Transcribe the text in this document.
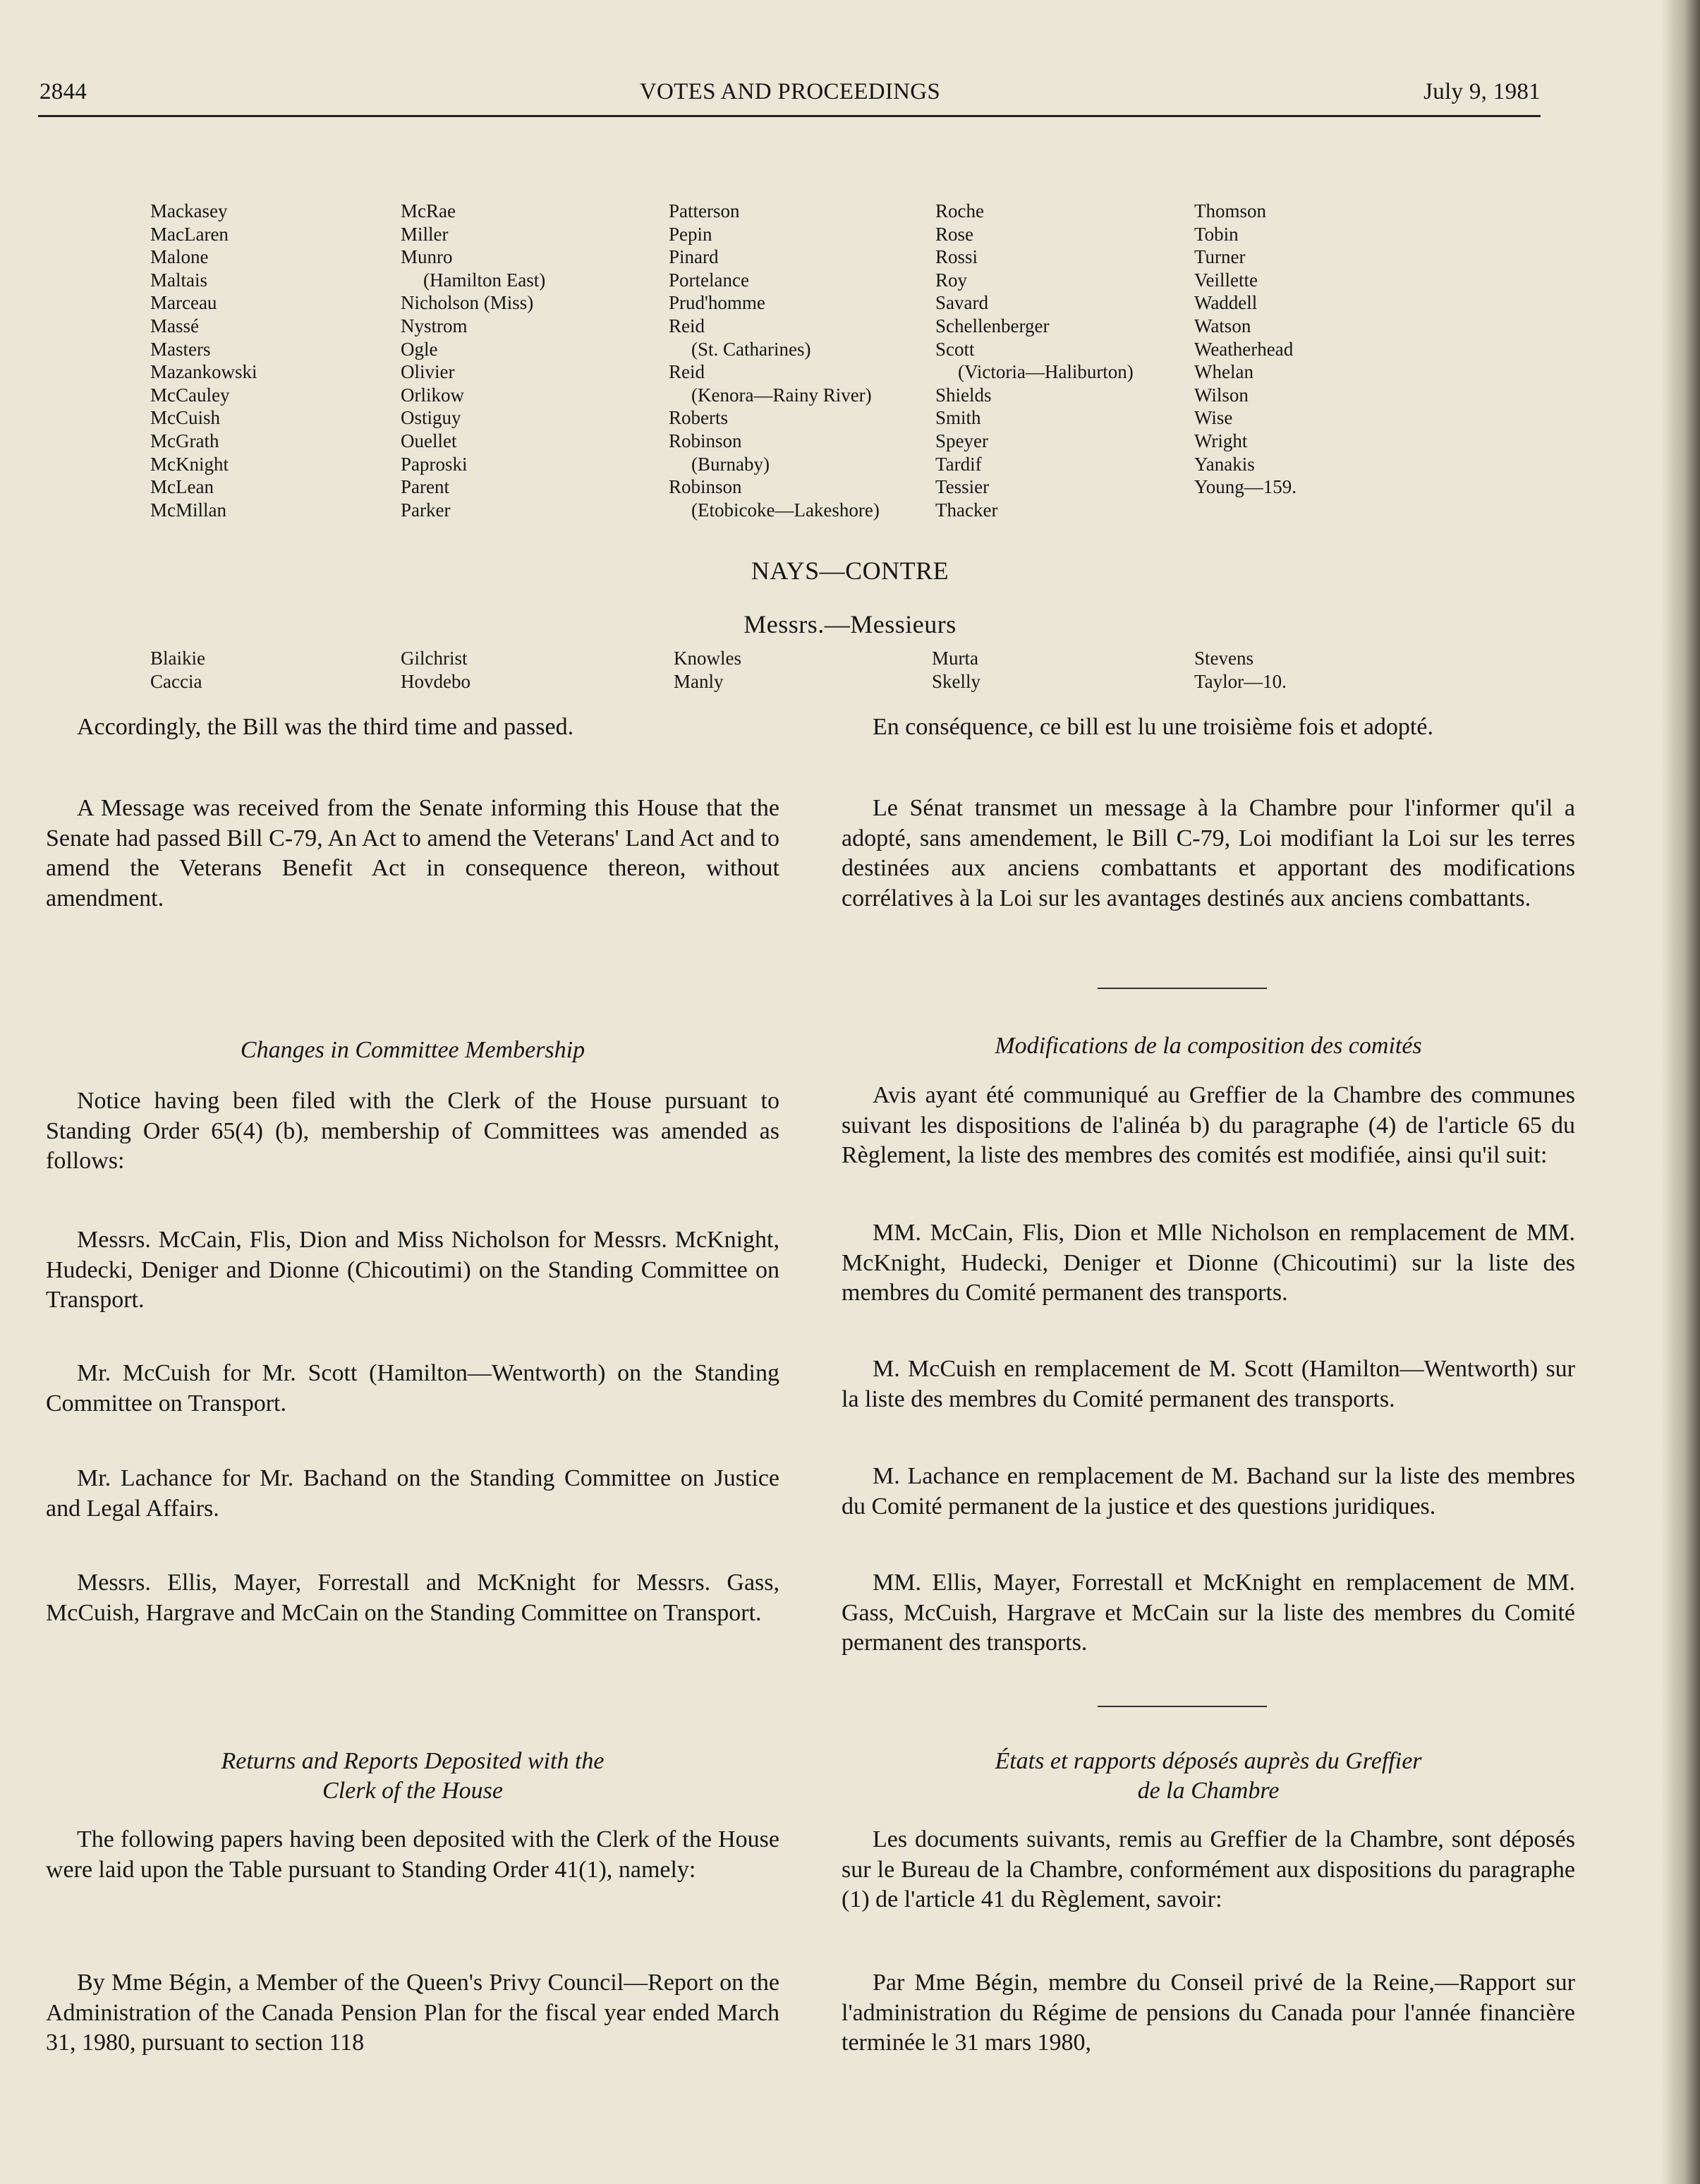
2844	VOTES AND PROCEEDINGS	July 9, 1981
Mackasey
MacLaren
Malone
Maltais
Marceau
Massé
Masters
Mazankowski
McCauley
McCuish
McGrath
McKnight
McLean
McMillan
McRae
Miller
Munro
(Hamilton East)
Nicholson (Miss)
Nystrom
Ogle
Olivier
Orlikow
Ostiguy
Ouellet
Paproski
Parent
Parker
Patterson
Pepin
Pinard
Portelance
Prud'homme
Reid
(St. Catharines)
Reid
(Kenora—Rainy River)
Roberts
Robinson
(Burnaby)
Robinson
(Etobicoke—Lakeshore)
Roche
Rose
Rossi
Roy
Savard
Schellenberger
Scott
(Victoria—Haliburton)
Shields
Smith
Speyer
Tardif
Tessier
Thacker
Thomson
Tobin
Turner
Veillette
Waddell
Watson
Weatherhead
Whelan
Wilson
Wise
Wright
Yanakis
Young—159.
NAYS—CONTRE
Messrs.—Messieurs
Blaikie
Caccia
Gilchrist
Hovdebo
Knowles
Manly
Murta
Skelly
Stevens
Taylor—10.

Accordingly, the Bill was the third time and passed.

A Message was received from the Senate informing this House that the Senate had passed Bill C-79, An Act to amend the Veterans' Land Act and to amend the Veterans Benefit Act in consequence thereon, without amendment.

Changes in Committee Membership

Notice having been filed with the Clerk of the House pursuant to Standing Order 65(4) (b), membership of Committees was amended as follows:

Messrs. McCain, Flis, Dion and Miss Nicholson for Messrs. McKnight, Hudecki, Deniger and Dionne (Chicoutimi) on the Standing Committee on Transport.

Mr. McCuish for Mr. Scott (Hamilton—Wentworth) on the Standing Committee on Transport.

Mr. Lachance for Mr. Bachand on the Standing Committee on Justice and Legal Affairs.

Messrs. Ellis, Mayer, Forrestall and McKnight for Messrs. Gass, McCuish, Hargrave and McCain on the Standing Committee on Transport.

Returns and Reports Deposited with the
Clerk of the House

The following papers having been deposited with the Clerk of the House were laid upon the Table pursuant to Standing Order 41(1), namely:

By Mme Bégin, a Member of the Queen's Privy Council—Report on the Administration of the Canada Pension Plan for the fiscal year ended March 31, 1980, pursuant to section 118

En conséquence, ce bill est lu une troisième fois et adopté.

Le Sénat transmet un message à la Chambre pour l'informer qu'il a adopté, sans amendement, le Bill C-79, Loi modifiant la Loi sur les terres destinées aux anciens combattants et apportant des modifications corrélatives à la Loi sur les avantages destinés aux anciens combattants.

Modifications de la composition des comités

Avis ayant été communiqué au Greffier de la Chambre des communes suivant les dispositions de l'alinéa b) du paragraphe (4) de l'article 65 du Règlement, la liste des membres des comités est modifiée, ainsi qu'il suit:

MM. McCain, Flis, Dion et Mlle Nicholson en remplacement de MM. McKnight, Hudecki, Deniger et Dionne (Chicoutimi) sur la liste des membres du Comité permanent des transports.

M. McCuish en remplacement de M. Scott (Hamilton—Wentworth) sur la liste des membres du Comité permanent des transports.

M. Lachance en remplacement de M. Bachand sur la liste des membres du Comité permanent de la justice et des questions juridiques.

MM. Ellis, Mayer, Forrestall et McKnight en remplacement de MM. Gass, McCuish, Hargrave et McCain sur la liste des membres du Comité permanent des transports.

États et rapports déposés auprès du Greffier
de la Chambre

Les documents suivants, remis au Greffier de la Chambre, sont déposés sur le Bureau de la Chambre, conformément aux dispositions du paragraphe (1) de l'article 41 du Règlement, savoir:

Par Mme Bégin, membre du Conseil privé de la Reine,—Rapport sur l'administration du Régime de pensions du Canada pour l'année financière terminée le 31 mars 1980,
